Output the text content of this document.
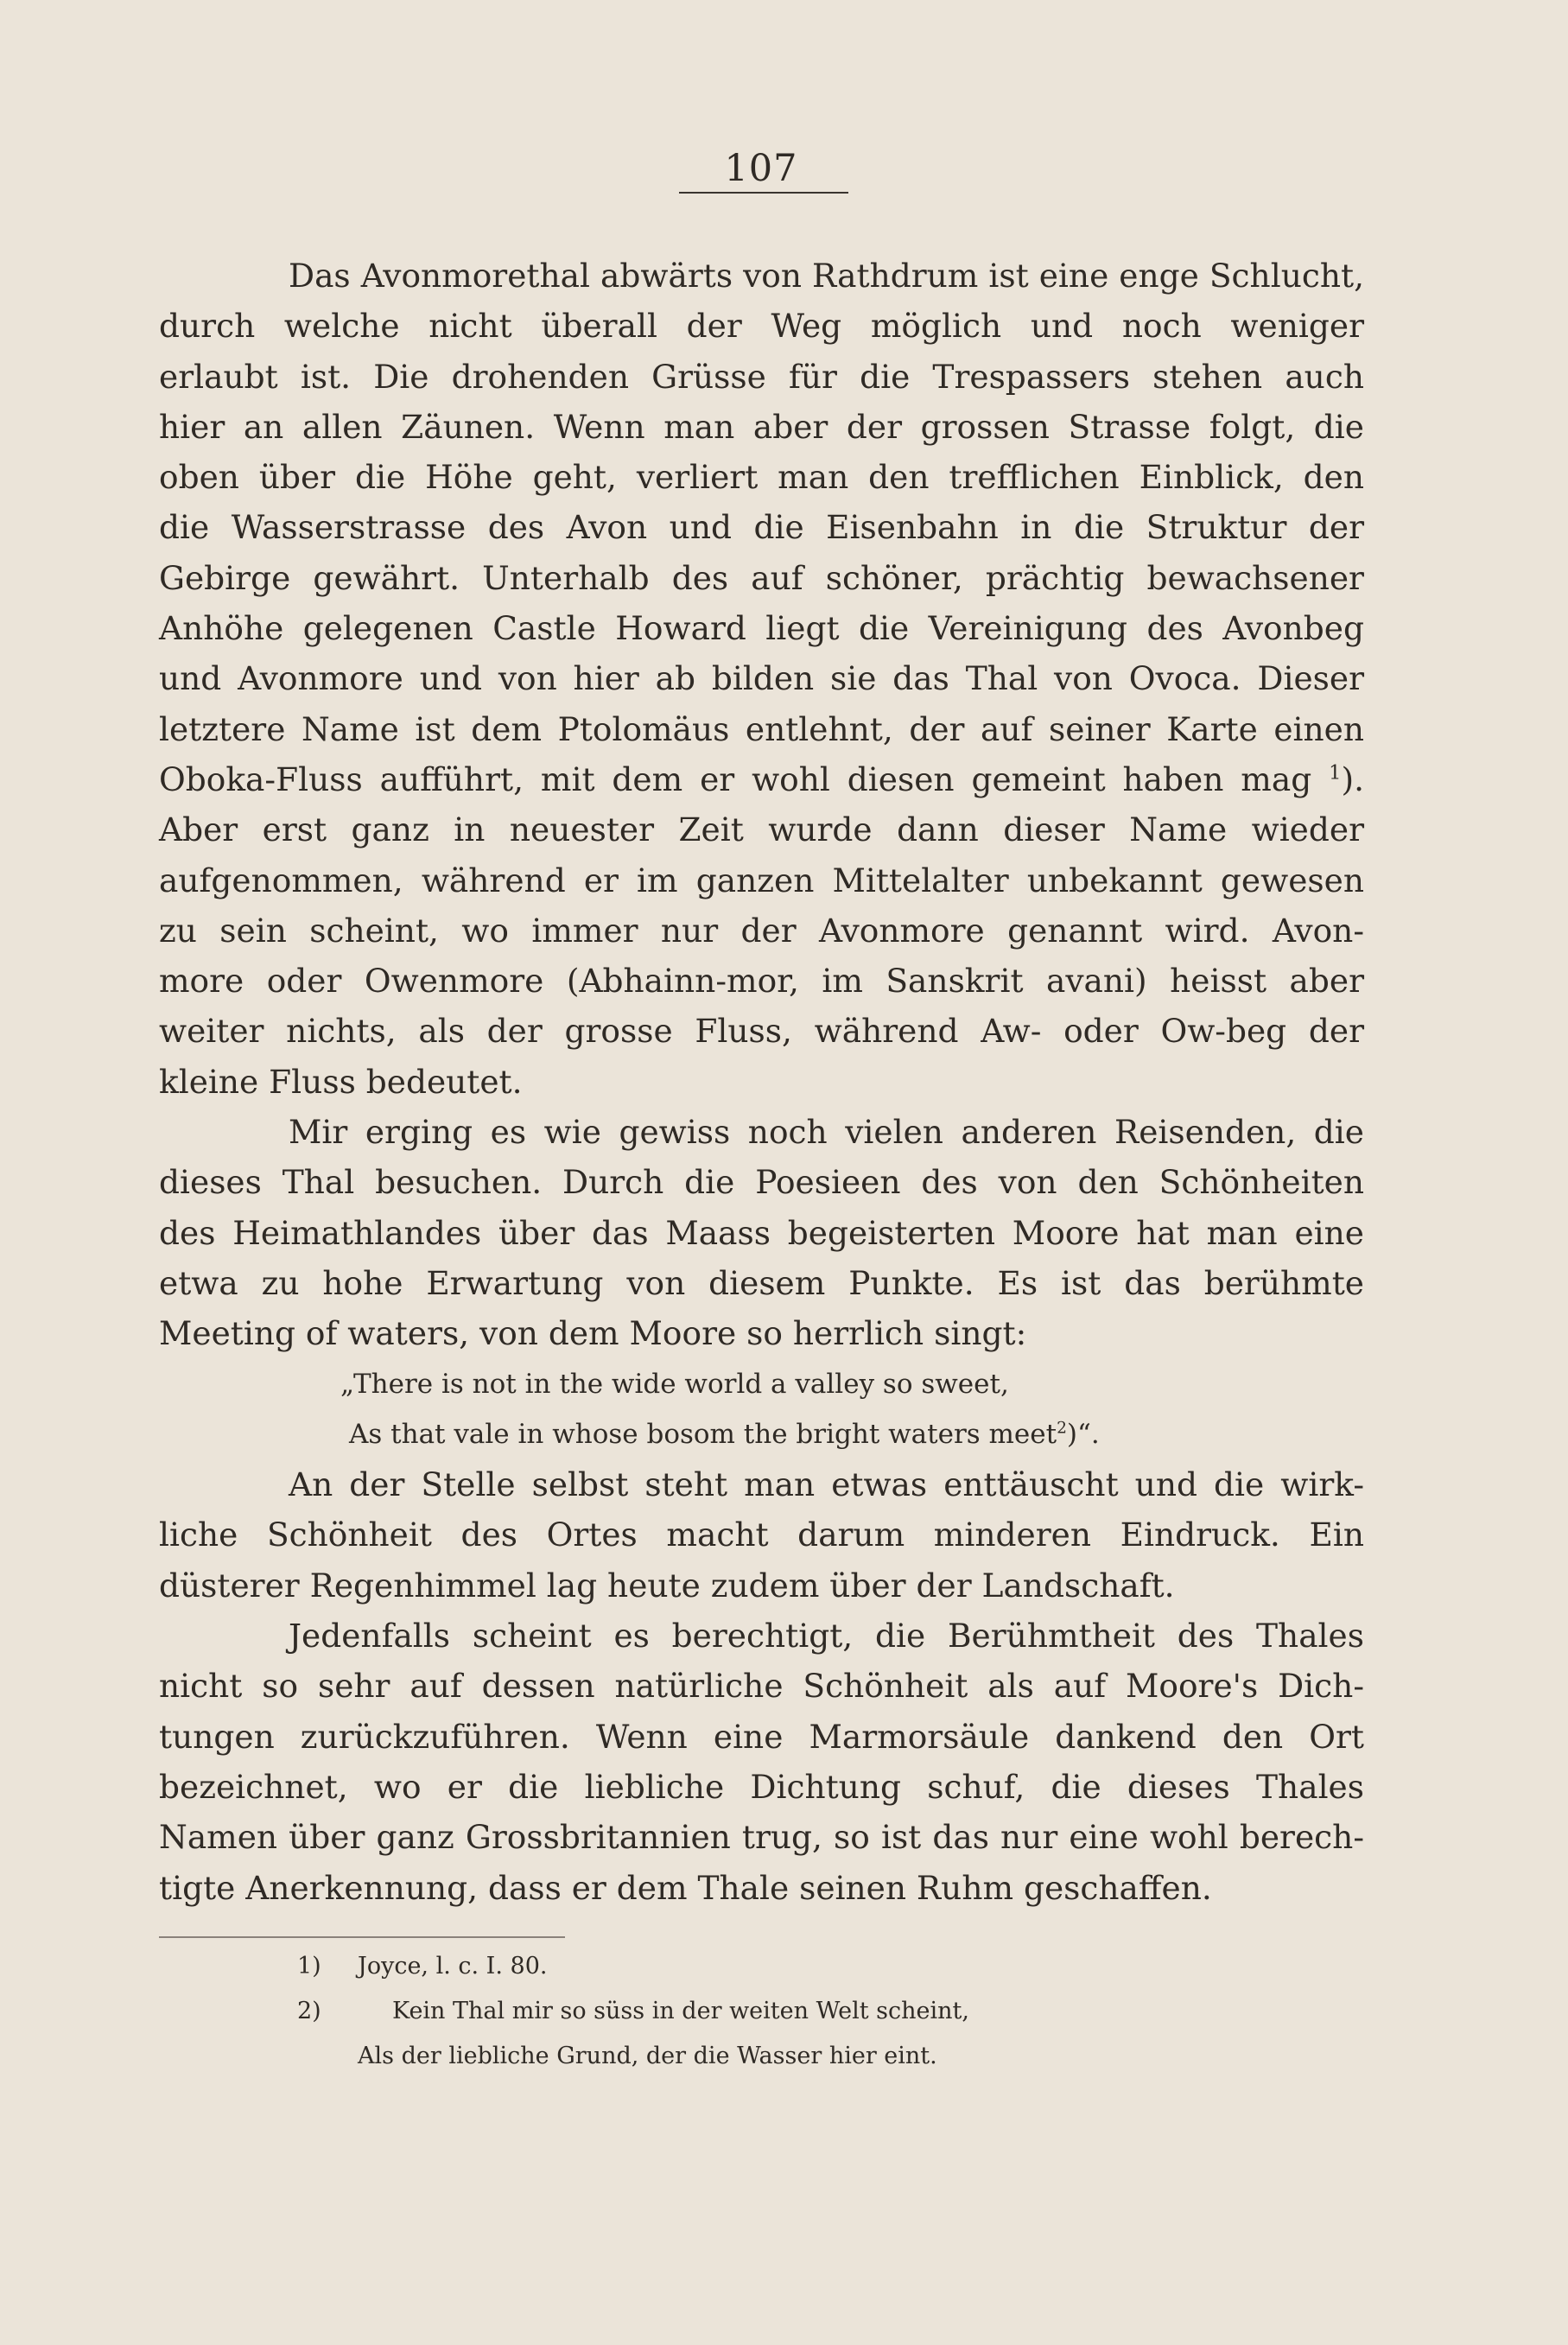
107

Das Avonmorethal abwärts von Rathdrum ist eine enge Schlucht,
durch welche nicht überall der Weg möglich und noch weniger
erlaubt ist. Die drohenden Grüsse für die Trespassers stehen auch
hier an allen Zäunen. Wenn man aber der grossen Strasse folgt, die
oben über die Höhe geht, verliert man den trefflichen Einblick, den
die Wasserstrasse des Avon und die Eisenbahn in die Struktur der
Gebirge gewährt. Unterhalb des auf schöner, prächtig bewachsener
Anhöhe gelegenen Castle Howard liegt die Vereinigung des Avonbeg
und Avonmore und von hier ab bilden sie das Thal von Ovoca. Dieser
letztere Name ist dem Ptolomäus entlehnt, der auf seiner Karte einen
Oboka-Fluss aufführt, mit dem er wohl diesen gemeint haben mag $^1$).
Aber erst ganz in neuester Zeit wurde dann dieser Name wieder
aufgenommen, während er im ganzen Mittelalter unbekannt gewesen
zu sein scheint, wo immer nur der Avonmore genannt wird. Avon-
more oder Owenmore (Abhainn-mor, im Sanskrit avani) heisst aber
weiter nichts, als der grosse Fluss, während Aw- oder Ow-beg der
kleine Fluss bedeutet.

Mir erging es wie gewiss noch vielen anderen Reisenden, die
dieses Thal besuchen. Durch die Poesieen des von den Schönheiten
des Heimathlandes über das Maass begeisterten Moore hat man eine
etwa zu hohe Erwartung von diesem Punkte. Es ist das berühmte
Meeting of waters, von dem Moore so herrlich singt:

„There is not in the wide world a valley so sweet,
As that vale in whose bosom the bright waters meet$^2$)“.

An der Stelle selbst steht man etwas enttäuscht und die wirk-
liche Schönheit des Ortes macht darum minderen Eindruck. Ein
düsterer Regenhimmel lag heute zudem über der Landschaft.

Jedenfalls scheint es berechtigt, die Berühmtheit des Thales
nicht so sehr auf dessen natürliche Schönheit als auf Moore's Dich-
tungen zurückzuführen. Wenn eine Marmorsäule dankend den Ort
bezeichnet, wo er die liebliche Dichtung schuf, die dieses Thales
Namen über ganz Grossbritannien trug, so ist das nur eine wohl berech-
tigte Anerkennung, dass er dem Thale seinen Ruhm geschaffen.

1)	Joyce, l. c. I. 80.

2)	Kein Thal mir so süss in der weiten Welt scheint,
Als der liebliche Grund, der die Wasser hier eint.
